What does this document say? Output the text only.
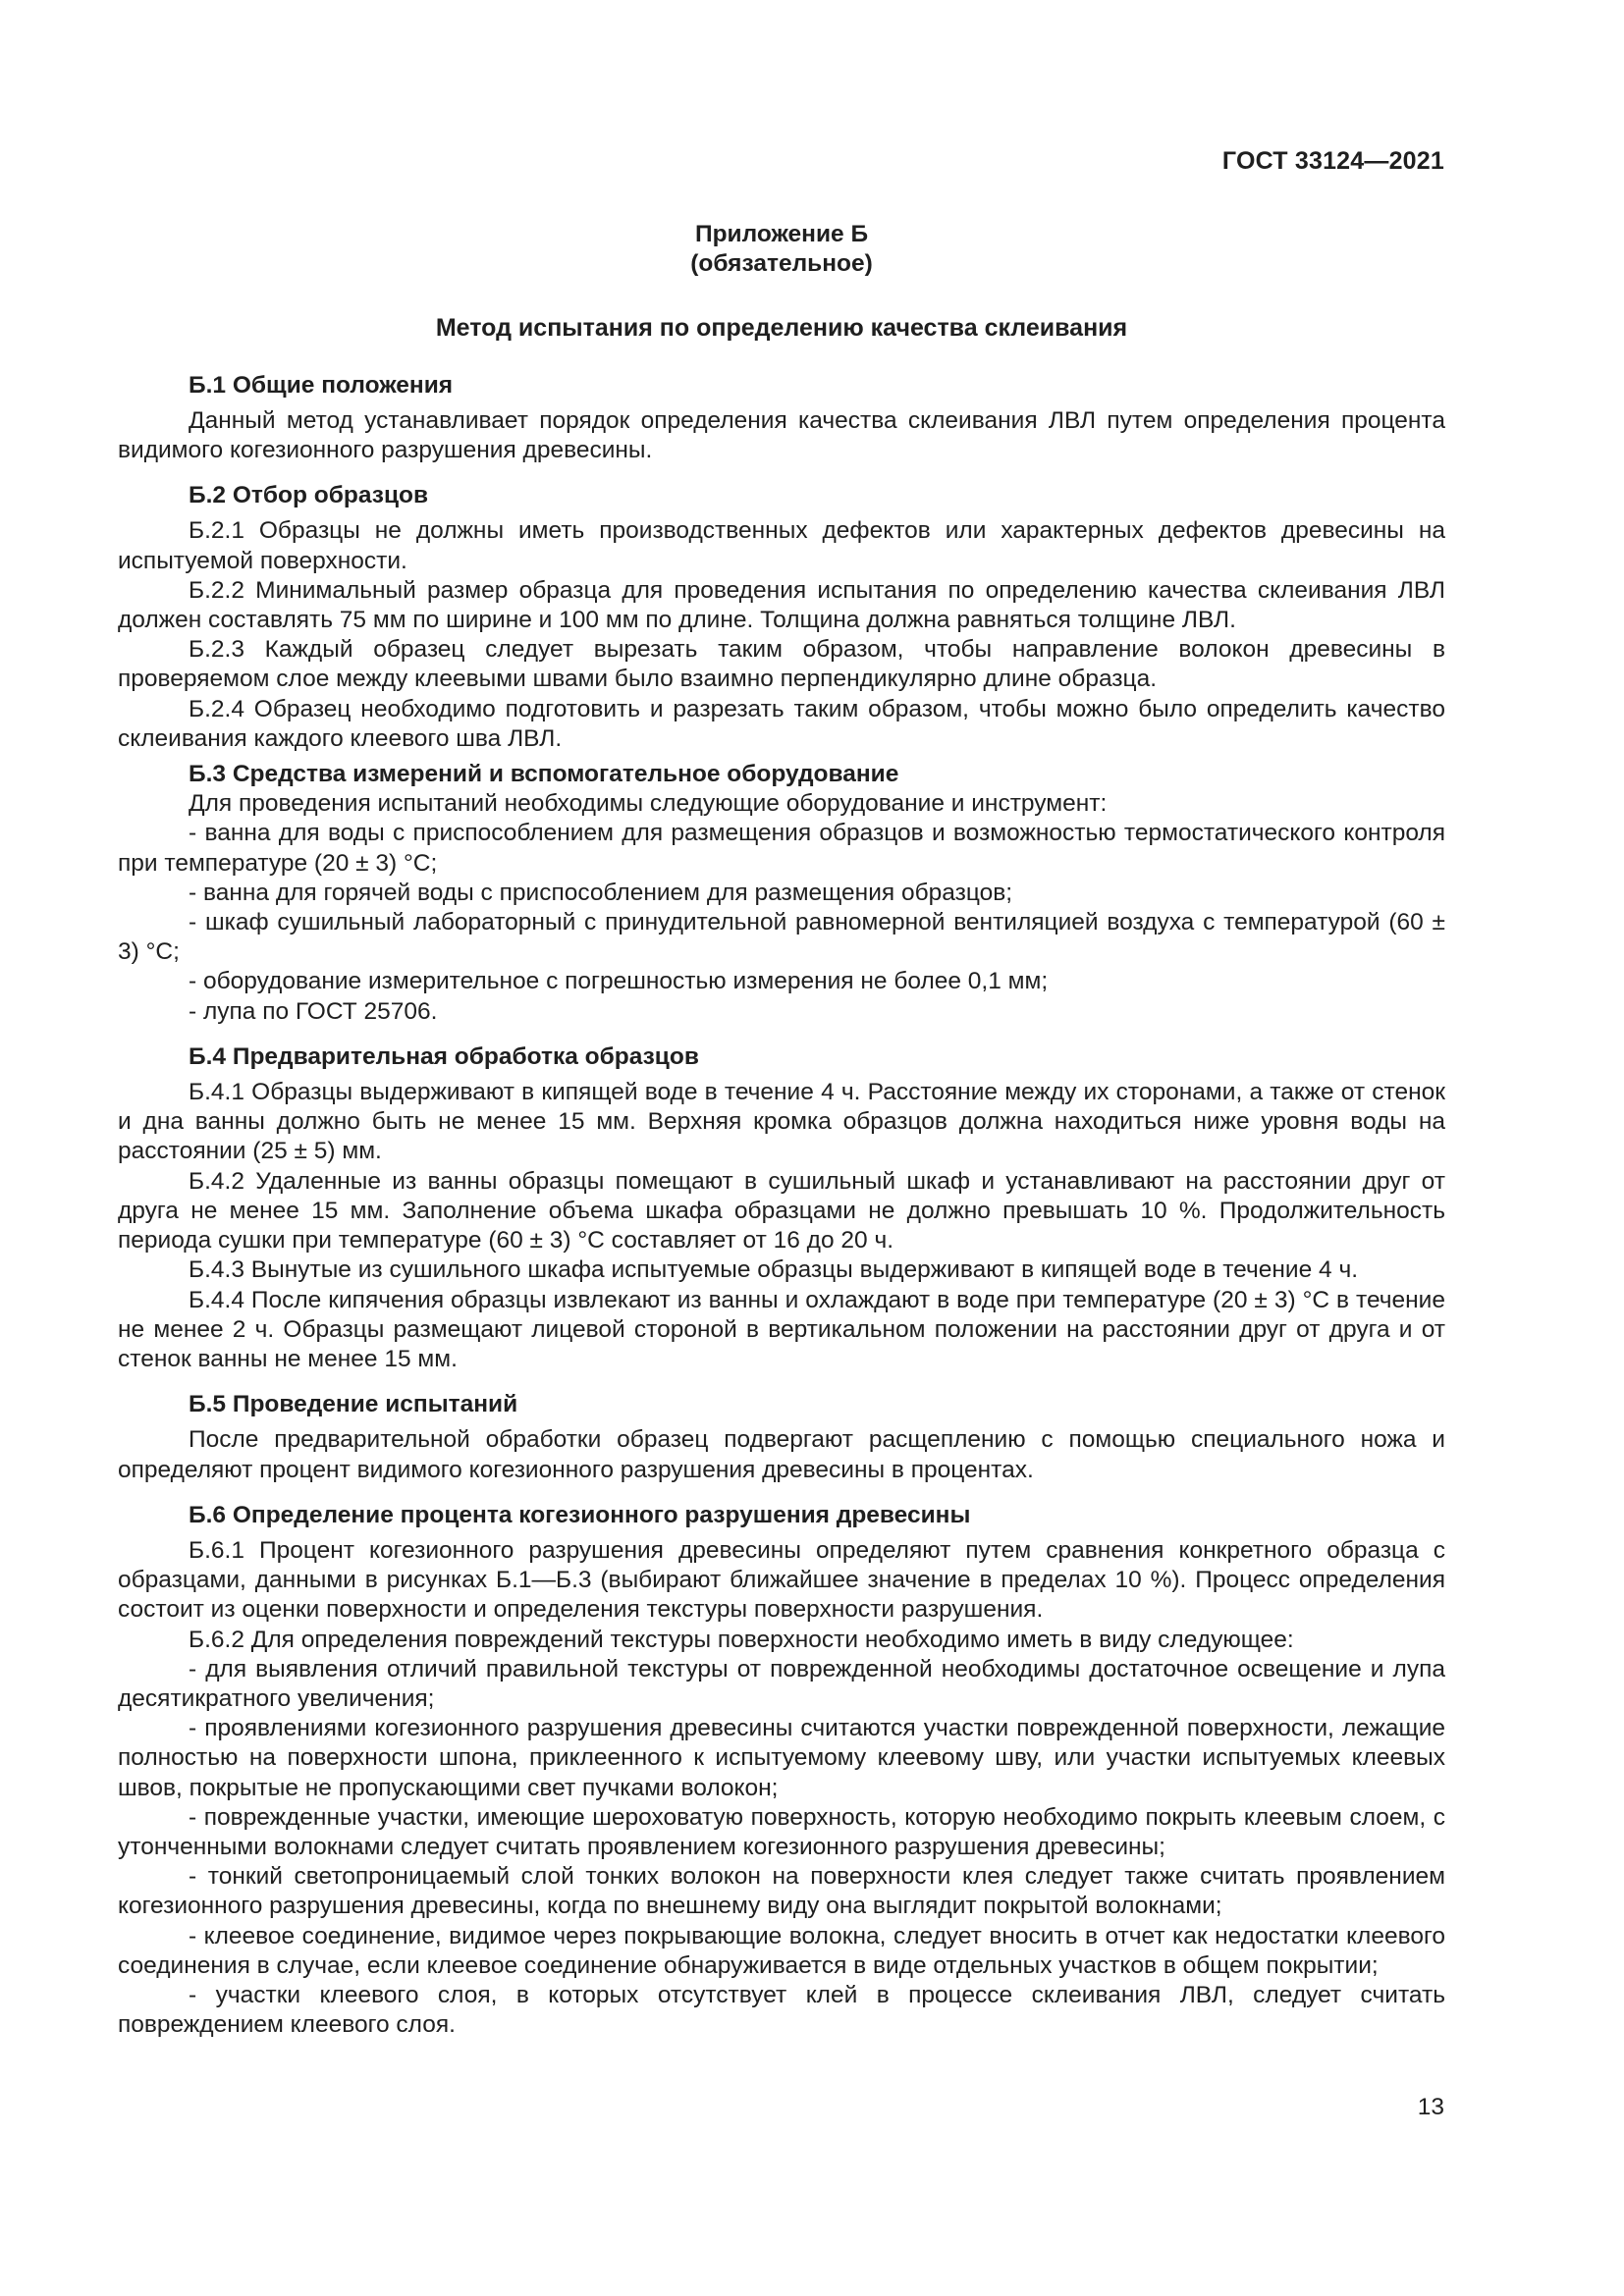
ГОСТ 33124—2021

Приложение Б

(обязательное)

Метод испытания по определению качества склеивания

Б.1 Общие положения

Данный метод устанавливает порядок определения качества склеивания ЛВЛ путем определения процента видимого когезионного разрушения древесины.

Б.2 Отбор образцов

Б.2.1 Образцы не должны иметь производственных дефектов или характерных дефектов древесины на испытуемой поверхности.

Б.2.2 Минимальный размер образца для проведения испытания по определению качества склеивания ЛВЛ должен составлять 75 мм по ширине и 100 мм по длине. Толщина должна равняться толщине ЛВЛ.

Б.2.3 Каждый образец следует вырезать таким образом, чтобы направление волокон древесины в проверяемом слое между клеевыми швами было взаимно перпендикулярно длине образца.

Б.2.4 Образец необходимо подготовить и разрезать таким образом, чтобы можно было определить качество склеивания каждого клеевого шва ЛВЛ.

Б.3 Средства измерений и вспомогательное оборудование

Для проведения испытаний необходимы следующие оборудование и инструмент:

- ванна для воды с приспособлением для размещения образцов и возможностью термостатического контроля при температуре (20 ± 3) °С;

- ванна для горячей воды с приспособлением для размещения образцов;

- шкаф сушильный лабораторный с принудительной равномерной вентиляцией воздуха с температурой (60 ± 3) °С;

- оборудование измерительное с погрешностью измерения не более 0,1 мм;

- лупа по ГОСТ 25706.

Б.4 Предварительная обработка образцов

Б.4.1 Образцы выдерживают в кипящей воде в течение 4 ч. Расстояние между их сторонами, а также от стенок и дна ванны должно быть не менее 15 мм. Верхняя кромка образцов должна находиться ниже уровня воды на расстоянии (25 ± 5) мм.

Б.4.2 Удаленные из ванны образцы помещают в сушильный шкаф и устанавливают на расстоянии друг от друга не менее 15 мм. Заполнение объема шкафа образцами не должно превышать 10 %. Продолжительность периода сушки при температуре (60 ± 3) °С составляет от 16 до 20 ч.

Б.4.3 Вынутые из сушильного шкафа испытуемые образцы выдерживают в кипящей воде в течение 4 ч.

Б.4.4 После кипячения образцы извлекают из ванны и охлаждают в воде при температуре (20 ± 3) °С в течение не менее 2 ч. Образцы размещают лицевой стороной в вертикальном положении на расстоянии друг от друга и от стенок ванны не менее 15 мм.

Б.5 Проведение испытаний

После предварительной обработки образец подвергают расщеплению с помощью специального ножа и определяют процент видимого когезионного разрушения древесины в процентах.

Б.6 Определение процента когезионного разрушения древесины

Б.6.1 Процент когезионного разрушения древесины определяют путем сравнения конкретного образца с образцами, данными в рисунках Б.1—Б.3 (выбирают ближайшее значение в пределах 10 %). Процесс определения состоит из оценки поверхности и определения текстуры поверхности разрушения.

Б.6.2 Для определения повреждений текстуры поверхности необходимо иметь в виду следующее:

- для выявления отличий правильной текстуры от поврежденной необходимы достаточное освещение и лупа десятикратного увеличения;

- проявлениями когезионного разрушения древесины считаются участки поврежденной поверхности, лежащие полностью на поверхности шпона, приклеенного к испытуемому клеевому шву, или участки испытуемых клеевых швов, покрытые не пропускающими свет пучками волокон;

- поврежденные участки, имеющие шероховатую поверхность, которую необходимо покрыть клеевым слоем, с утонченными волокнами следует считать проявлением когезионного разрушения древесины;

- тонкий светопроницаемый слой тонких волокон на поверхности клея следует также считать проявлением когезионного разрушения древесины, когда по внешнему виду она выглядит покрытой волокнами;

- клеевое соединение, видимое через покрывающие волокна, следует вносить в отчет как недостатки клеевого соединения в случае, если клеевое соединение обнаруживается в виде отдельных участков в общем покрытии;

- участки клеевого слоя, в которых отсутствует клей в процессе склеивания ЛВЛ, следует считать повреждением клеевого слоя.

13
